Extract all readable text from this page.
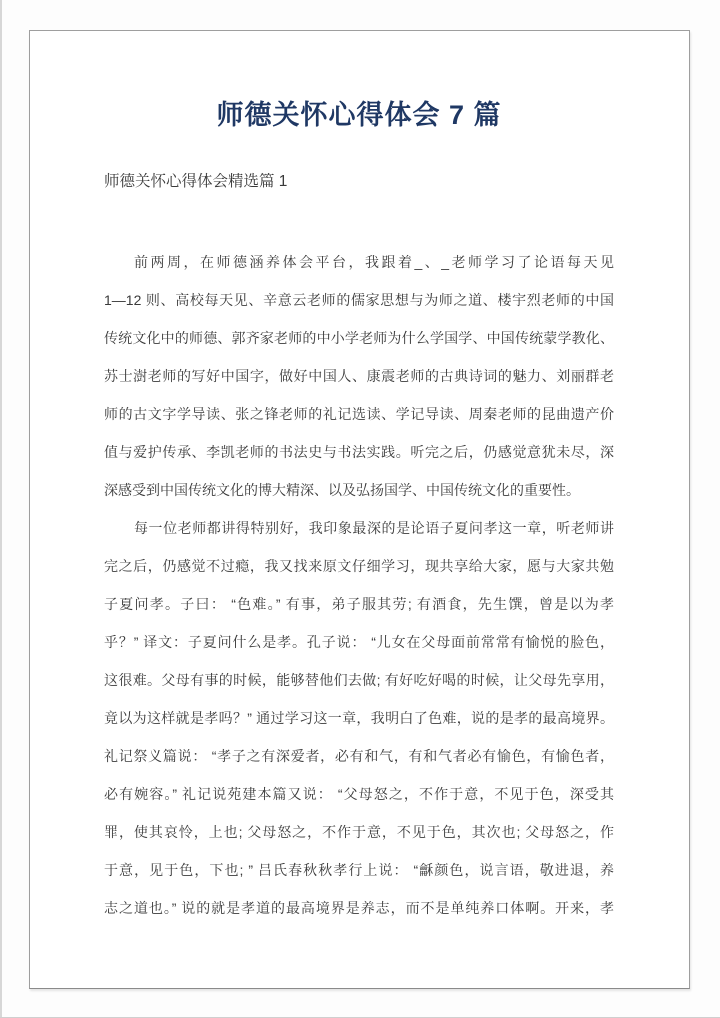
师德关怀心得体会 7 篇
师德关怀心得体会精选篇 1
前两周，在师德涵养体会平台，我跟着_、_老师学习了论语每天见
1—12 则、高校每天见、辛意云老师的儒家思想与为师之道、楼宇烈老师的中国
传统文化中的师德、郭齐家老师的中小学老师为什么学国学、中国传统蒙学教化、
苏士澍老师的写好中国字，做好中国人、康震老师的古典诗词的魅力、刘丽群老
师的古文字学导读、张之锋老师的礼记选读、学记导读、周秦老师的昆曲遗产价
值与爱护传承、李凯老师的书法史与书法实践。听完之后，仍感觉意犹未尽，深
深感受到中国传统文化的博大精深、以及弘扬国学、中国传统文化的重要性。
每一位老师都讲得特别好，我印象最深的是论语子夏问孝这一章，听老师讲
完之后，仍感觉不过瘾，我又找来原文仔细学习，现共享给大家，愿与大家共勉
子夏问孝。子曰： “色难。” 有事，弟子服其劳; 有酒食，先生馔，曾是以为孝
乎？” 译文：子夏问什么是孝。孔子说： “儿女在父母面前常常有愉悦的脸色，
这很难。父母有事的时候，能够替他们去做; 有好吃好喝的时候，让父母先享用，
竟以为这样就是孝吗？” 通过学习这一章，我明白了色难，说的是孝的最高境界。
礼记祭义篇说： “孝子之有深爱者，必有和气，有和气者必有愉色，有愉色者，
必有婉容。” 礼记说苑建本篇又说： “父母怒之，不作于意，不见于色，深受其
罪，使其哀怜，上也; 父母怒之，不作于意，不见于色，其次也; 父母怒之，作
于意，见于色，下也; ” 吕氏春秋秋孝行上说： “龢颜色，说言语，敬进退，养
志之道也。” 说的就是孝道的最高境界是养志，而不是单纯养口体啊。开来，孝
